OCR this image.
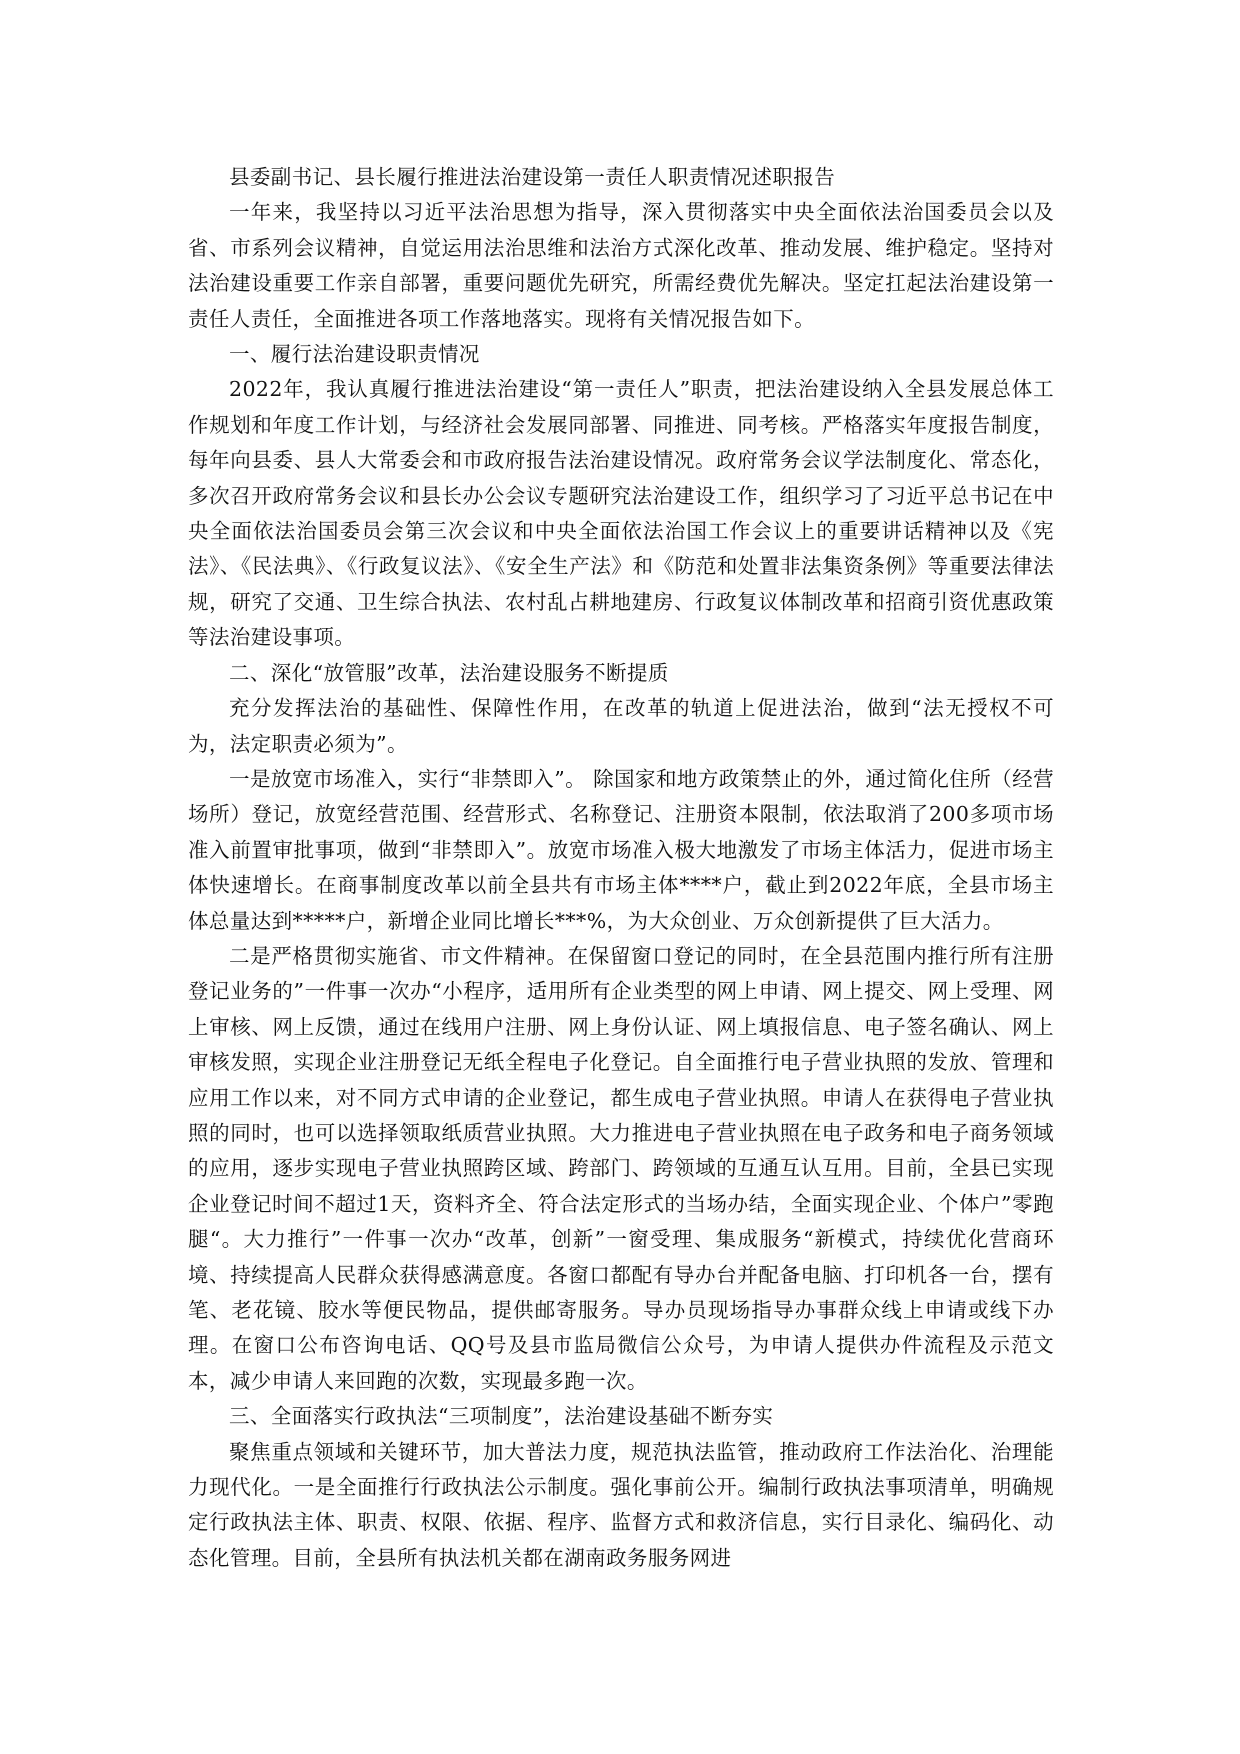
县委副书记、县长履行推进法治建设第一责任人职责情况述职报告

一年来，我坚持以习近平法治思想为指导，深入贯彻落实中央全面依法治国委员会以及省、市系列会议精神，自觉运用法治思维和法治方式深化改革、推动发展、维护稳定。坚持对法治建设重要工作亲自部署，重要问题优先研究，所需经费优先解决。坚定扛起法治建设第一责任人责任，全面推进各项工作落地落实。现将有关情况报告如下。

一、履行法治建设职责情况

2022年，我认真履行推进法治建设“第一责任人”职责，把法治建设纳入全县发展总体工作规划和年度工作计划，与经济社会发展同部署、同推进、同考核。严格落实年度报告制度，每年向县委、县人大常委会和市政府报告法治建设情况。政府常务会议学法制度化、常态化，多次召开政府常务会议和县长办公会议专题研究法治建设工作，组织学习了习近平总书记在中央全面依法治国委员会第三次会议和中央全面依法治国工作会议上的重要讲话精神以及《宪法》、《民法典》、《行政复议法》、《安全生产法》和《防范和处置非法集资条例》等重要法律法规，研究了交通、卫生综合执法、农村乱占耕地建房、行政复议体制改革和招商引资优惠政策等法治建设事项。

二、深化“放管服”改革，法治建设服务不断提质

充分发挥法治的基础性、保障性作用，在改革的轨道上促进法治，做到“法无授权不可为，法定职责必须为”。

一是放宽市场准入，实行“非禁即入”。 除国家和地方政策禁止的外，通过简化住所（经营场所）登记，放宽经营范围、经营形式、名称登记、注册资本限制，依法取消了200多项市场准入前置审批事项，做到“非禁即入”。放宽市场准入极大地激发了市场主体活力，促进市场主体快速增长。在商事制度改革以前全县共有市场主体****户，截止到2022年底，全县市场主体总量达到*****户，新增企业同比增长***%，为大众创业、万众创新提供了巨大活力。

二是严格贯彻实施省、市文件精神。在保留窗口登记的同时，在全县范围内推行所有注册登记业务的”一件事一次办“小程序，适用所有企业类型的网上申请、网上提交、网上受理、网上审核、网上反馈，通过在线用户注册、网上身份认证、网上填报信息、电子签名确认、网上审核发照，实现企业注册登记无纸全程电子化登记。自全面推行电子营业执照的发放、管理和应用工作以来，对不同方式申请的企业登记，都生成电子营业执照。申请人在获得电子营业执照的同时，也可以选择领取纸质营业执照。大力推进电子营业执照在电子政务和电子商务领域的应用，逐步实现电子营业执照跨区域、跨部门、跨领域的互通互认互用。目前，全县已实现企业登记时间不超过1天，资料齐全、符合法定形式的当场办结，全面实现企业、个体户”零跑腿“。大力推行”一件事一次办“改革，创新”一窗受理、集成服务“新模式，持续优化营商环境、持续提高人民群众获得感满意度。各窗口都配有导办台并配备电脑、打印机各一台，摆有笔、老花镜、胶水等便民物品，提供邮寄服务。导办员现场指导办事群众线上申请或线下办理。在窗口公布咨询电话、QQ号及县市监局微信公众号，为申请人提供办件流程及示范文本，减少申请人来回跑的次数，实现最多跑一次。

三、全面落实行政执法“三项制度”，法治建设基础不断夯实

聚焦重点领域和关键环节，加大普法力度，规范执法监管，推动政府工作法治化、治理能力现代化。一是全面推行行政执法公示制度。强化事前公开。编制行政执法事项清单，明确规定行政执法主体、职责、权限、依据、程序、监督方式和救济信息，实行目录化、编码化、动态化管理。目前，全县所有执法机关都在湖南政务服务网进
